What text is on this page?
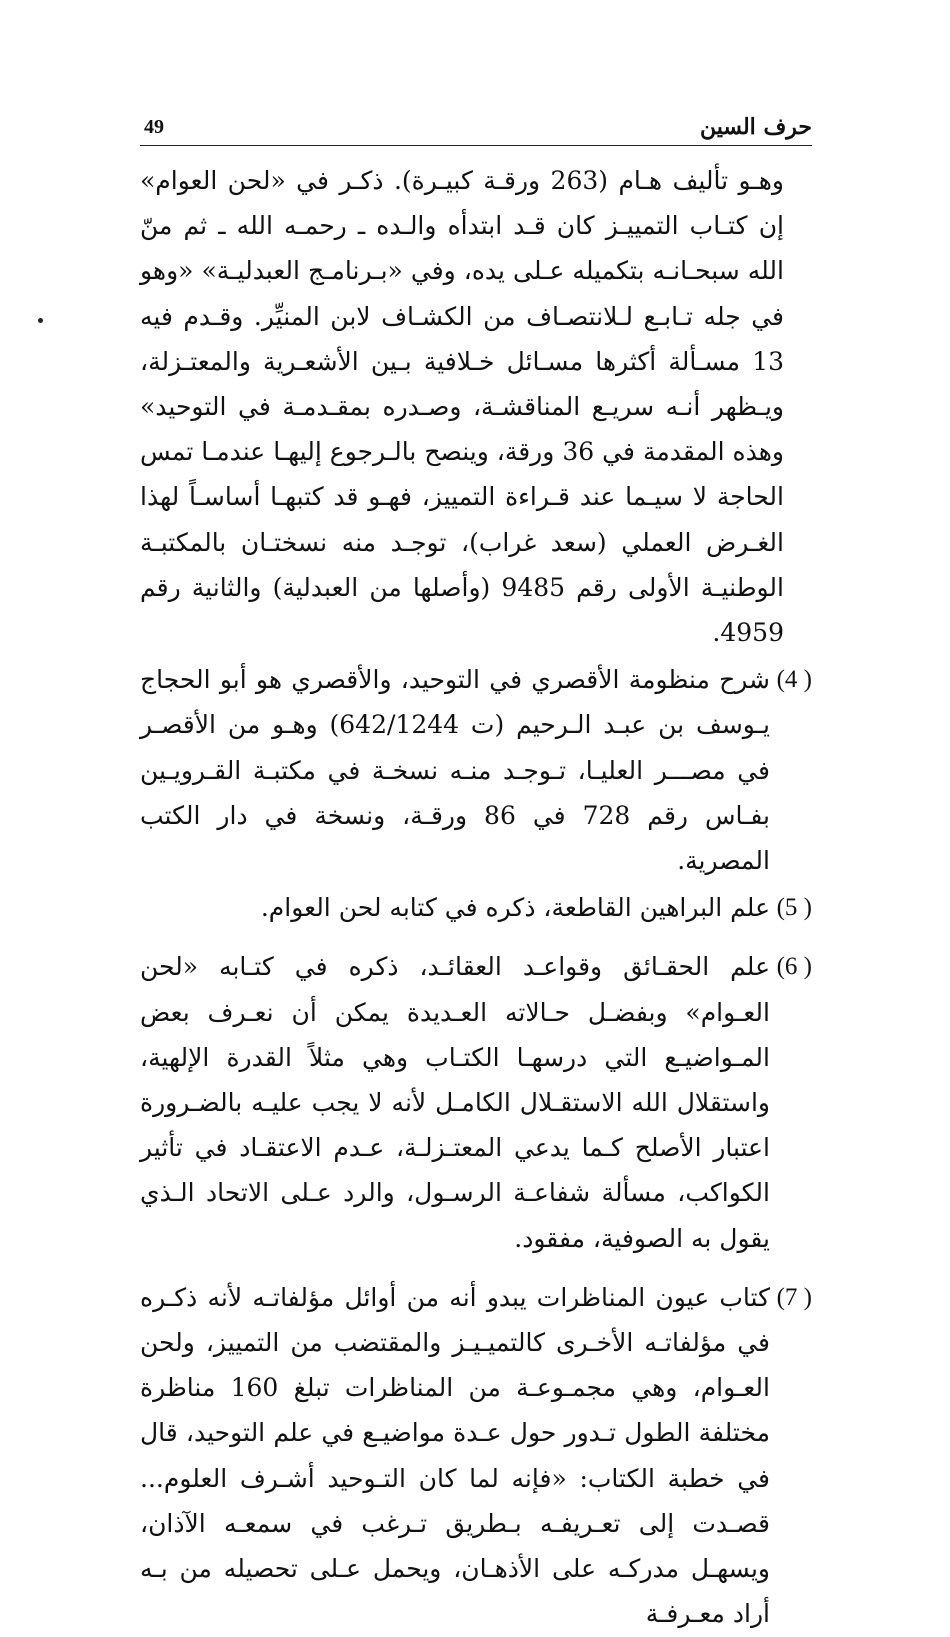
حرف السين
49

وهـو تأليف هـام (263 ورقـة كبيـرة). ذكـر في «لحن العوام» إن كتـاب التمييـز كان قـد ابتدأه والـده ـ رحمـه الله ـ ثم منّ الله سبحـانـه بتكميله عـلى يده، وفي «بـرنامـج العبدليـة» «وهو في جله تـابـع لـلانتصـاف من الكشـاف لابن المنيِّر. وقـدم فيه 13 مسـألة أكثرها مسـائل خـلافية بـين الأشعـرية والمعتـزلة، ويـظهر أنـه سريـع المناقشـة، وصـدره بمقـدمـة في التوحيد» وهذه المقدمة في 36 ورقة، وينصح بالـرجوع إليهـا عندمـا تمس الحاجة لا سيـما عند قـراءة التمييز، فهـو قد كتبهـا أساسـاً لهذا الغـرض العملي (سعد غراب)، توجـد منه نسختـان بالمكتبـة الوطنيـة الأولى رقم 9485 (وأصلها من العبدلية) والثانية رقم 4959.

(4 )
شرح منظومة الأقصري في التوحيد، والأقصري هو أبو الحجاج يـوسف بن عبـد الـرحيم (ت 642/1244) وهـو من الأقصـر في مصـــر العليـا، تـوجـد منـه نسخـة في مكتبـة القـرويـين بفـاس رقم 728 في 86 ورقـة، ونسخة في دار الكتب المصرية.
(5 )
علم البراهين القاطعة، ذكره في كتابه لحن العوام.
(6 )
علم الحقـائق وقواعـد العقائـد، ذكره في كتـابه «لحن العـوام» وبفضـل حـالاته العـديدة يمكن أن نعـرف بعض المـواضيـع التي درسهـا الكتـاب وهي مثلاً القدرة الإلهية، واستقلال الله الاستقـلال الكامـل لأنه لا يجب عليـه بالضـرورة اعتبار الأصلح كـما يدعي المعتـزلـة، عـدم الاعتقـاد في تأثير الكواكب، مسألة شفاعـة الرسـول، والرد عـلى الاتحاد الـذي يقول به الصوفية، مفقود.
(7 )
كتاب عيون المناظرات يبدو أنه من أوائل مؤلفاتـه لأنه ذكـره في مؤلفاتـه الأخـرى كالتميـيـز والمقتضب من التمييز، ولحن العـوام، وهي مجمـوعـة من المناظرات تبلغ 160 مناظرة مختلفة الطول تـدور حول عـدة مواضيـع في علم التوحيد، قال في خطبة الكتاب: «فإنه لما كان التـوحيد أشـرف العلوم... قصـدت إلى تعـريفـه بـطريق تـرغب في سمعـه الآذان، ويسهـل مدركـه على الأذهـان، ويحمل عـلى تحصيله من بـه أراد معـرفـة
